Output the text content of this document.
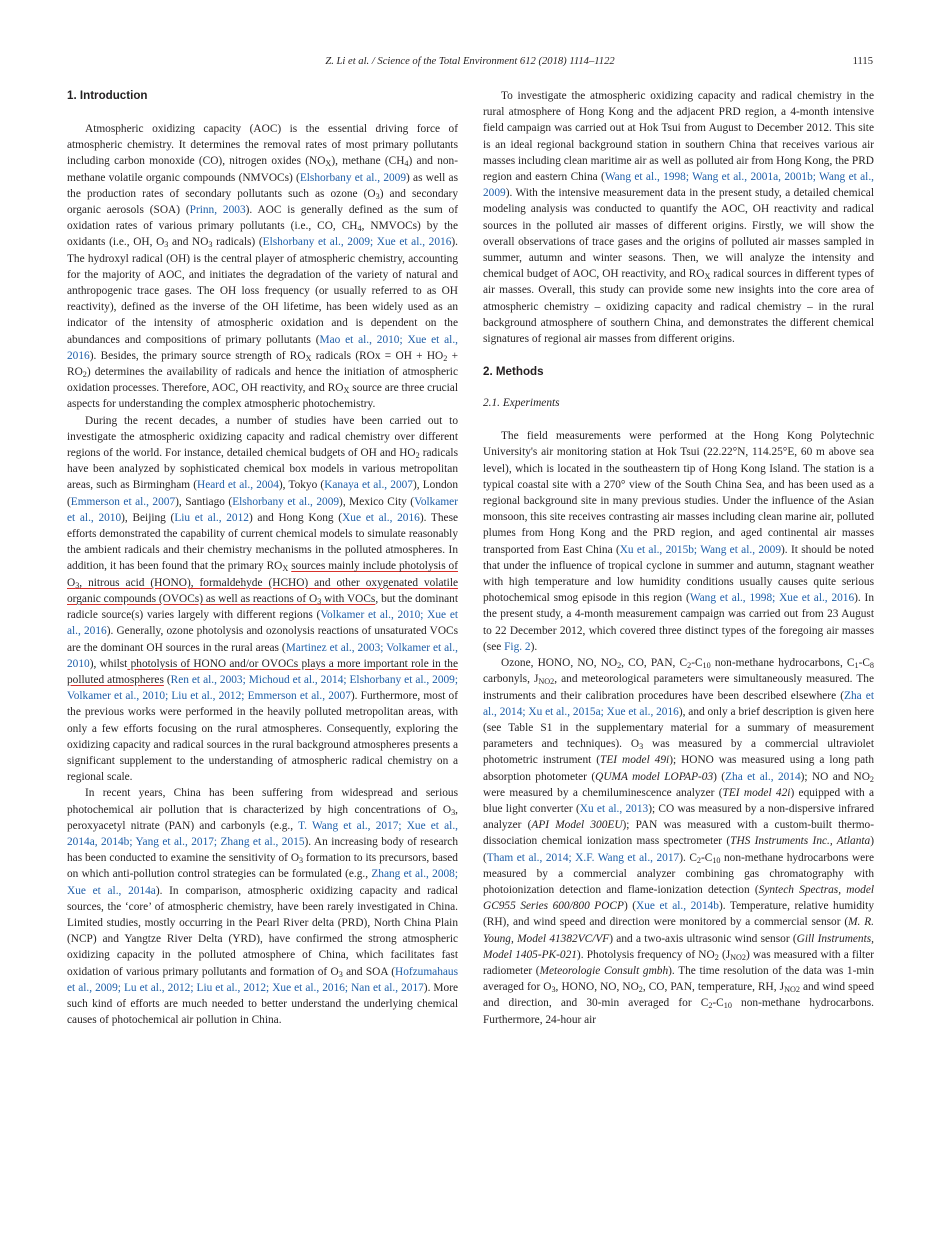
Z. Li et al. / Science of the Total Environment 612 (2018) 1114–1122	1115
1. Introduction

Atmospheric oxidizing capacity (AOC) is the essential driving force of atmospheric chemistry. It determines the removal rates of most primary pollutants including carbon monoxide (CO), nitrogen oxides $(NO_X)$, methane $(CH_4)$ and non-methane volatile organic compounds (NMVOCs) (Elshorbany et al., 2009) as well as the production rates of secondary pollutants such as ozone $(O_3)$ and secondary organic aerosols (SOA) (Prinn, 2003). AOC is generally defined as the sum of oxidation rates of various primary pollutants (i.e., CO, $CH_4$, NMVOCs) by the oxidants (i.e., OH, $O_3$ and $NO_3$ radicals) (Elshorbany et al., 2009; Xue et al., 2016). The hydroxyl radical (OH) is the central player of atmospheric chemistry, accounting for the majority of AOC, and initiates the degradation of the variety of natural and anthropogenic trace gases. The OH loss frequency (or usually referred to as OH reactivity), defined as the inverse of the OH lifetime, has been widely used as an indicator of the intensity of atmospheric oxidation and is dependent on the abundances and compositions of primary pollutants (Mao et al., 2010; Xue et al., 2016). Besides, the primary source strength of $RO_X$ radicals (ROx = OH + $HO_2 + RO_2$) determines the availability of radicals and hence the initiation of atmospheric oxidation processes. Therefore, AOC, OH reactivity, and $RO_X$ source are three crucial aspects for understanding the complex atmospheric photochemistry.

During the recent decades, a number of studies have been carried out to investigate the atmospheric oxidizing capacity and radical chemistry over different regions of the world. For instance, detailed chemical budgets of OH and $HO_2$ radicals have been analyzed by sophisticated chemical box models in various metropolitan areas, such as Birmingham (Heard et al., 2004), Tokyo (Kanaya et al., 2007), London (Emmerson et al., 2007), Santiago (Elshorbany et al., 2009), Mexico City (Volkamer et al., 2010), Beijing (Liu et al., 2012) and Hong Kong (Xue et al., 2016). These efforts demonstrated the capability of current chemical models to simulate reasonably the ambient radicals and their chemistry mechanisms in the polluted atmospheres. In addition, it has been found that the primary $RO_X$ sources mainly include photolysis of $O_3$, nitrous acid (HONO), formaldehyde (HCHO) and other oxygenated volatile organic compounds (OVOCs) as well as reactions of $O_3$ with VOCs, but the dominant radicle source(s) varies largely with different regions (Volkamer et al., 2010; Xue et al., 2016). Generally, ozone photolysis and ozonolysis reactions of unsaturated VOCs are the dominant OH sources in the rural areas (Martinez et al., 2003; Volkamer et al., 2010), whilst photolysis of HONO and/or OVOCs plays a more important role in the polluted atmospheres (Ren et al., 2003; Michoud et al., 2014; Elshorbany et al., 2009; Volkamer et al., 2010; Liu et al., 2012; Emmerson et al., 2007). Furthermore, most of the previous works were performed in the heavily polluted metropolitan areas, with only a few efforts focusing on the rural atmospheres. Consequently, exploring the oxidizing capacity and radical sources in the rural background atmospheres presents a significant supplement to the understanding of atmospheric radical chemistry on a regional scale.

In recent years, China has been suffering from widespread and serious photochemical air pollution that is characterized by high concentrations of $O_3$, peroxyacetyl nitrate (PAN) and carbonyls (e.g., T. Wang et al., 2017; Xue et al., 2014a, 2014b; Yang et al., 2017; Zhang et al., 2015). An increasing body of research has been conducted to examine the sensitivity of $O_3$ formation to its precursors, based on which anti-pollution control strategies can be formulated (e.g., Zhang et al., 2008; Xue et al., 2014a). In comparison, atmospheric oxidizing capacity and radical sources, the ‘core’ of atmospheric chemistry, have been rarely investigated in China. Limited studies, mostly occurring in the Pearl River delta (PRD), North China Plain (NCP) and Yangtze River Delta (YRD), have confirmed the strong atmospheric oxidizing capacity in the polluted atmosphere of China, which facilitates fast oxidation of various primary pollutants and formation of $O_3$ and SOA (Hofzumahaus et al., 2009; Lu et al., 2012; Liu et al., 2012; Xue et al., 2016; Nan et al., 2017). More such kind of efforts are much needed to better understand the underlying chemical causes of photochemical air pollution in China.

To investigate the atmospheric oxidizing capacity and radical chemistry in the rural atmosphere of Hong Kong and the adjacent PRD region, a 4-month intensive field campaign was carried out at Hok Tsui from August to December 2012. This site is an ideal regional background station in southern China that receives various air masses including clean maritime air as well as polluted air from Hong Kong, the PRD region and eastern China (Wang et al., 1998; Wang et al., 2001a, 2001b; Wang et al., 2009). With the intensive measurement data in the present study, a detailed chemical modeling analysis was conducted to quantify the AOC, OH reactivity and radical sources in the polluted air masses of different origins. Firstly, we will show the overall observations of trace gases and the origins of polluted air masses sampled in summer, autumn and winter seasons. Then, we will analyze the intensity and chemical budget of AOC, OH reactivity, and $RO_X$ radical sources in different types of air masses. Overall, this study can provide some new insights into the core area of atmospheric chemistry – oxidizing capacity and radical chemistry – in the rural background atmosphere of southern China, and demonstrates the different chemical signatures of regional air masses from different origins.

2. Methods
2.1. Experiments

The field measurements were performed at the Hong Kong Polytechnic University's air monitoring station at Hok Tsui (22.22°N, 114.25°E, 60 m above sea level), which is located in the southeastern tip of Hong Kong Island. The station is a typical coastal site with a 270° view of the South China Sea, and has been used as a regional background site in many previous studies. Under the influence of the Asian monsoon, this site receives contrasting air masses including clean marine air, polluted plumes from Hong Kong and the PRD region, and aged continental air masses transported from East China (Xu et al., 2015b; Wang et al., 2009). It should be noted that under the influence of tropical cyclone in summer and autumn, stagnant weather with high temperature and low humidity conditions usually causes quite serious photochemical smog episode in this region (Wang et al., 1998; Xue et al., 2016). In the present study, a 4-month measurement campaign was carried out from 23 August to 22 December 2012, which covered three distinct types of the foregoing air masses (see Fig. 2).

Ozone, HONO, NO, $NO_2$, CO, PAN, $C_2-C_{10}$ non-methane hydrocarbons, $C_1-C_8$ carbonyls, $J_{NO2}$, and meteorological parameters were simultaneously measured. The instruments and their calibration procedures have been described elsewhere (Zha et al., 2014; Xu et al., 2015a; Xue et al., 2016), and only a brief description is given here (see Table S1 in the supplementary material for a summary of measurement parameters and techniques). $O_3$ was measured by a commercial ultraviolet photometric instrument (TEI model 49i); HONO was measured using a long path absorption photometer (QUMA model LOPAP-03) (Zha et al., 2014); NO and $NO_2$ were measured by a chemiluminescence analyzer (TEI model 42i) equipped with a blue light converter (Xu et al., 2013); CO was measured by a non-dispersive infrared analyzer (API Model 300EU); PAN was measured with a custom-built thermo-dissociation chemical ionization mass spectrometer (THS Instruments Inc., Atlanta) (Tham et al., 2014; X.F. Wang et al., 2017). $C_2-C_{10}$ non-methane hydrocarbons were measured by a commercial analyzer combining gas chromatography with photoionization detection and flame-ionization detection (Syntech Spectras, model GC955 Series 600/800 POCP) (Xue et al., 2014b). Temperature, relative humidity (RH), and wind speed and direction were monitored by a commercial sensor (M. R. Young, Model 41382VC/VF) and a two-axis ultrasonic wind sensor (Gill Instruments, Model 1405-PK-021). Photolysis frequency of $NO_2$ $(J_{NO2})$ was measured with a filter radiometer (Meteorologie Consult gmbh). The time resolution of the data was 1-min averaged for $O_3$, HONO, NO, $NO_2$, CO, PAN, temperature, RH, $J_{NO2}$ and wind speed and direction, and 30-min averaged for $C_2-C_{10}$ non-methane hydrocarbons. Furthermore, 24-hour air
